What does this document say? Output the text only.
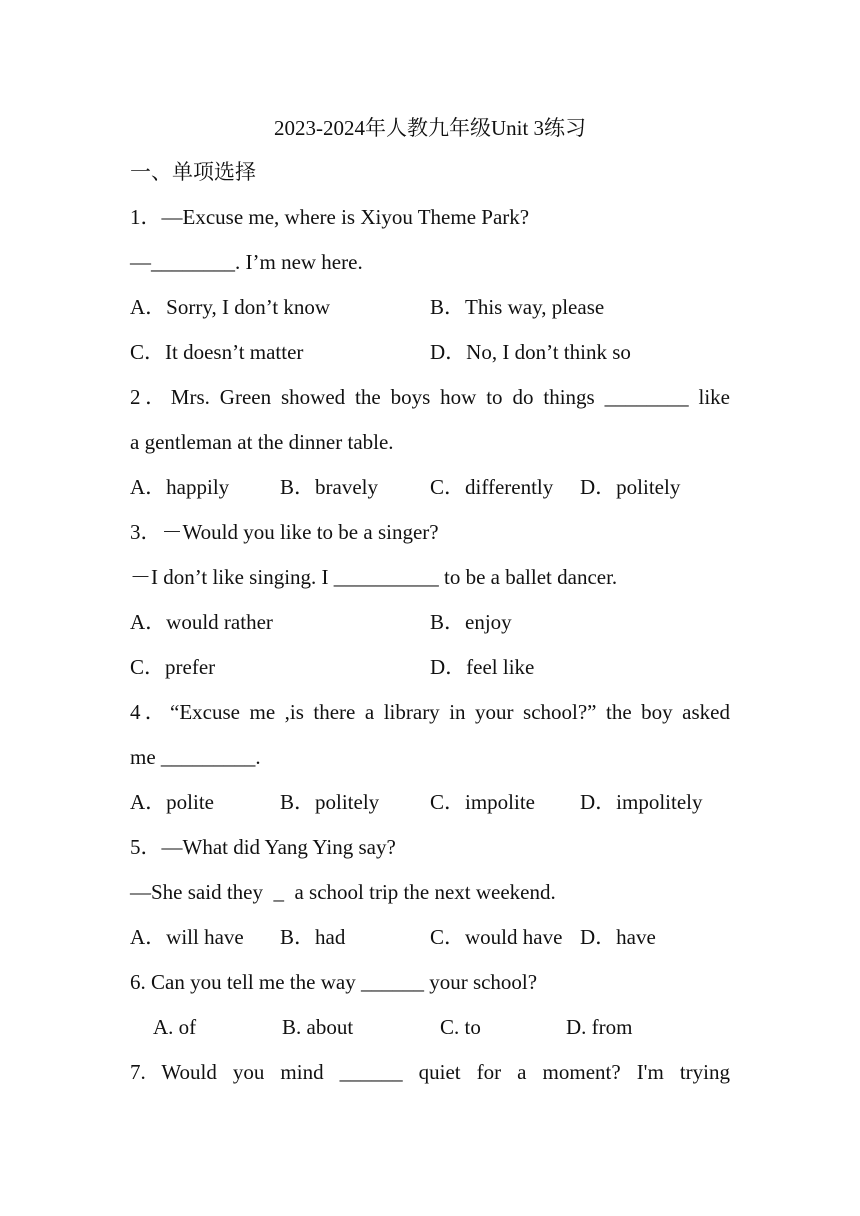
2023-2024年人教九年级Unit 3练习
一、单项选择
1．—Excuse me, where is Xiyou Theme Park?
—________. I’m new here.
A．Sorry, I don’t know	B．This way, please
C．It doesn’t matter	D．No, I don’t think so
2．Mrs. Green showed the boys how to do things ________ like
a gentleman at the dinner table.
A．happily B．bravely C．differently D．politely
3．－Would you like to be a singer?
－I don’t like singing. I __________ to be a ballet dancer.
A．would rather	B．enjoy
C．prefer	D．feel like
4．“Excuse me ,is there a library in your school?” the boy asked
me _________.
A．polite	B．politely C．impolite D．impolitely
5．—What did Yang Ying say?
—She said they  _  a school trip the next weekend.
A．will have B．had	C．would have D．have
6. Can you tell me the way ______ your school?
A. of	B. about	C. to	D. from
7. Would you mind ______ quiet for a moment? I'm trying
